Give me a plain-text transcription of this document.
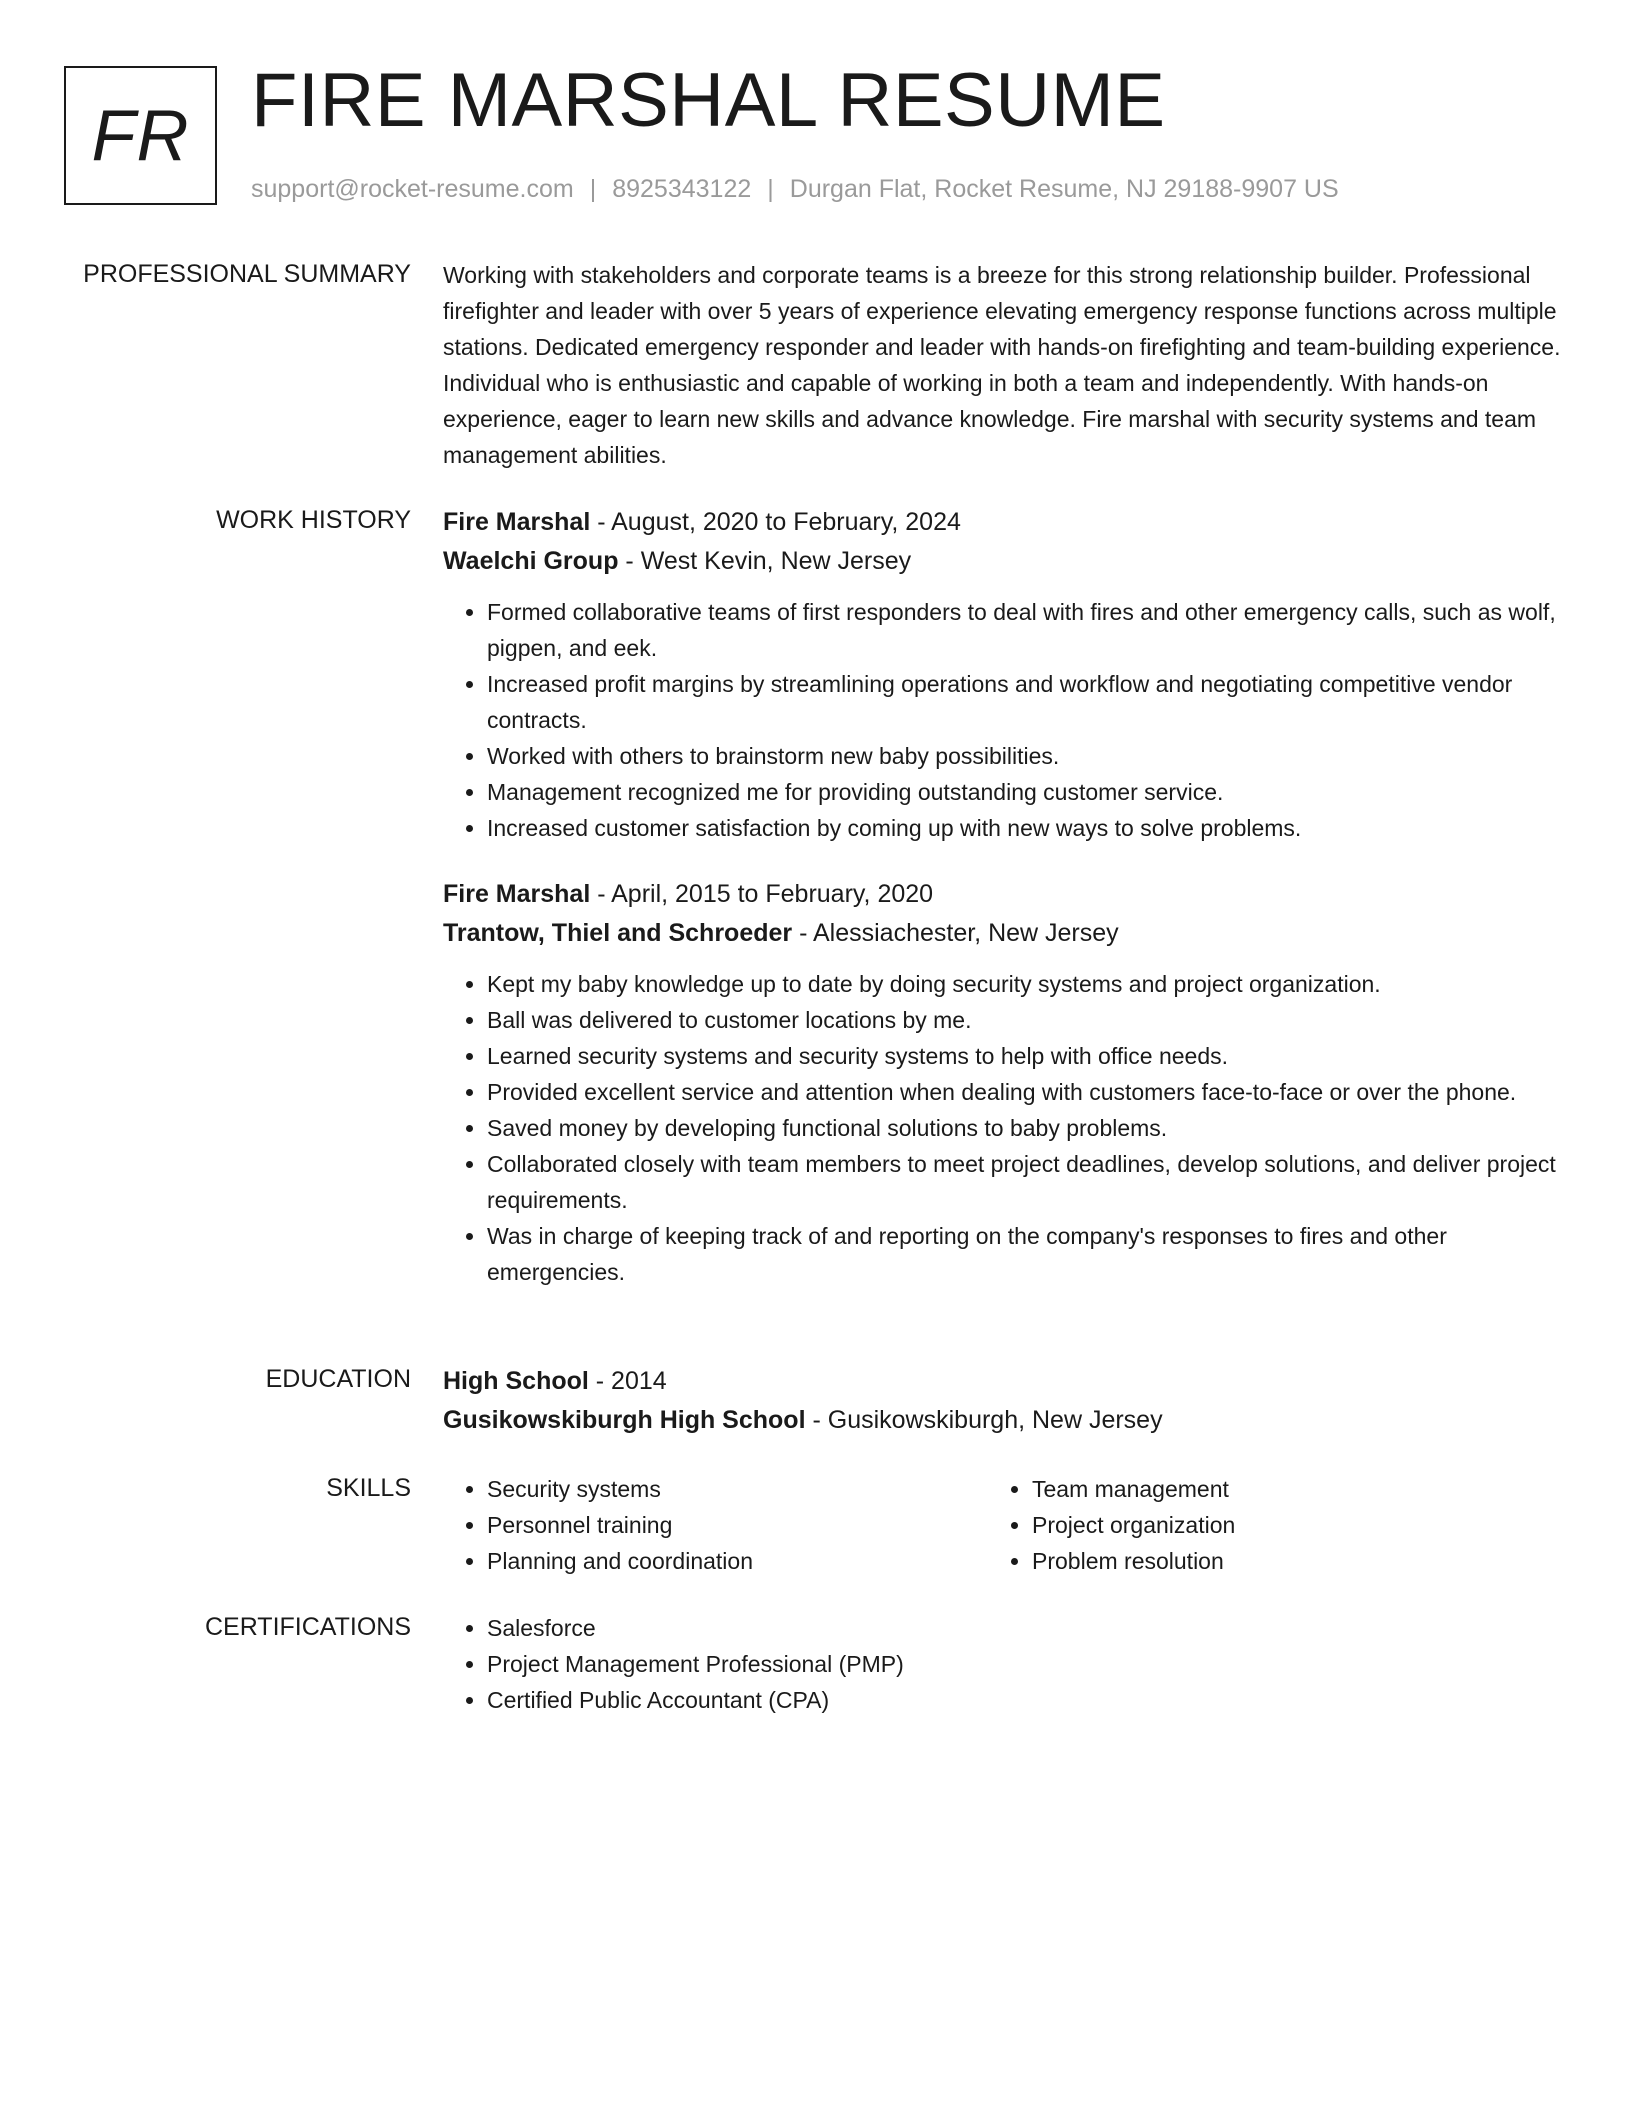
FR FIRE MARSHAL RESUME
support@rocket-resume.com | 8925343122 | Durgan Flat, Rocket Resume, NJ 29188-9907 US
PROFESSIONAL SUMMARY Working with stakeholders and corporate teams is a breeze for this strong relationship builder. Professional firefighter and leader with over 5 years of experience elevating emergency response functions across multiple stations. Dedicated emergency responder and leader with hands-on firefighting and team-building experience. Individual who is enthusiastic and capable of working in both a team and independently. With hands-on experience, eager to learn new skills and advance knowledge. Fire marshal with security systems and team management abilities.

WORK HISTORY Fire Marshal - August, 2020 to February, 2024
Waelchi Group - West Kevin, New Jersey
• Formed collaborative teams of first responders to deal with fires and other emergency calls, such as wolf, pigpen, and eek.
• Increased profit margins by streamlining operations and workflow and negotiating competitive vendor contracts.
• Worked with others to brainstorm new baby possibilities.
• Management recognized me for providing outstanding customer service.
• Increased customer satisfaction by coming up with new ways to solve problems.
Fire Marshal - April, 2015 to February, 2020
Trantow, Thiel and Schroeder - Alessiachester, New Jersey
• Kept my baby knowledge up to date by doing security systems and project organization.
• Ball was delivered to customer locations by me.
• Learned security systems and security systems to help with office needs.
• Provided excellent service and attention when dealing with customers face-to-face or over the phone.
• Saved money by developing functional solutions to baby problems.
• Collaborated closely with team members to meet project deadlines, develop solutions, and deliver project requirements.
• Was in charge of keeping track of and reporting on the company's responses to fires and other emergencies.
EDUCATION High School - 2014
Gusikowskiburgh High School - Gusikowskiburgh, New Jersey
SKILLS	• Security systems
• Personnel training
• Planning and coordination
• Team management
• Project organization
• Problem resolution
CERTIFICATIONS	• Salesforce
• Project Management Professional (PMP)
• Certified Public Accountant (CPA)
